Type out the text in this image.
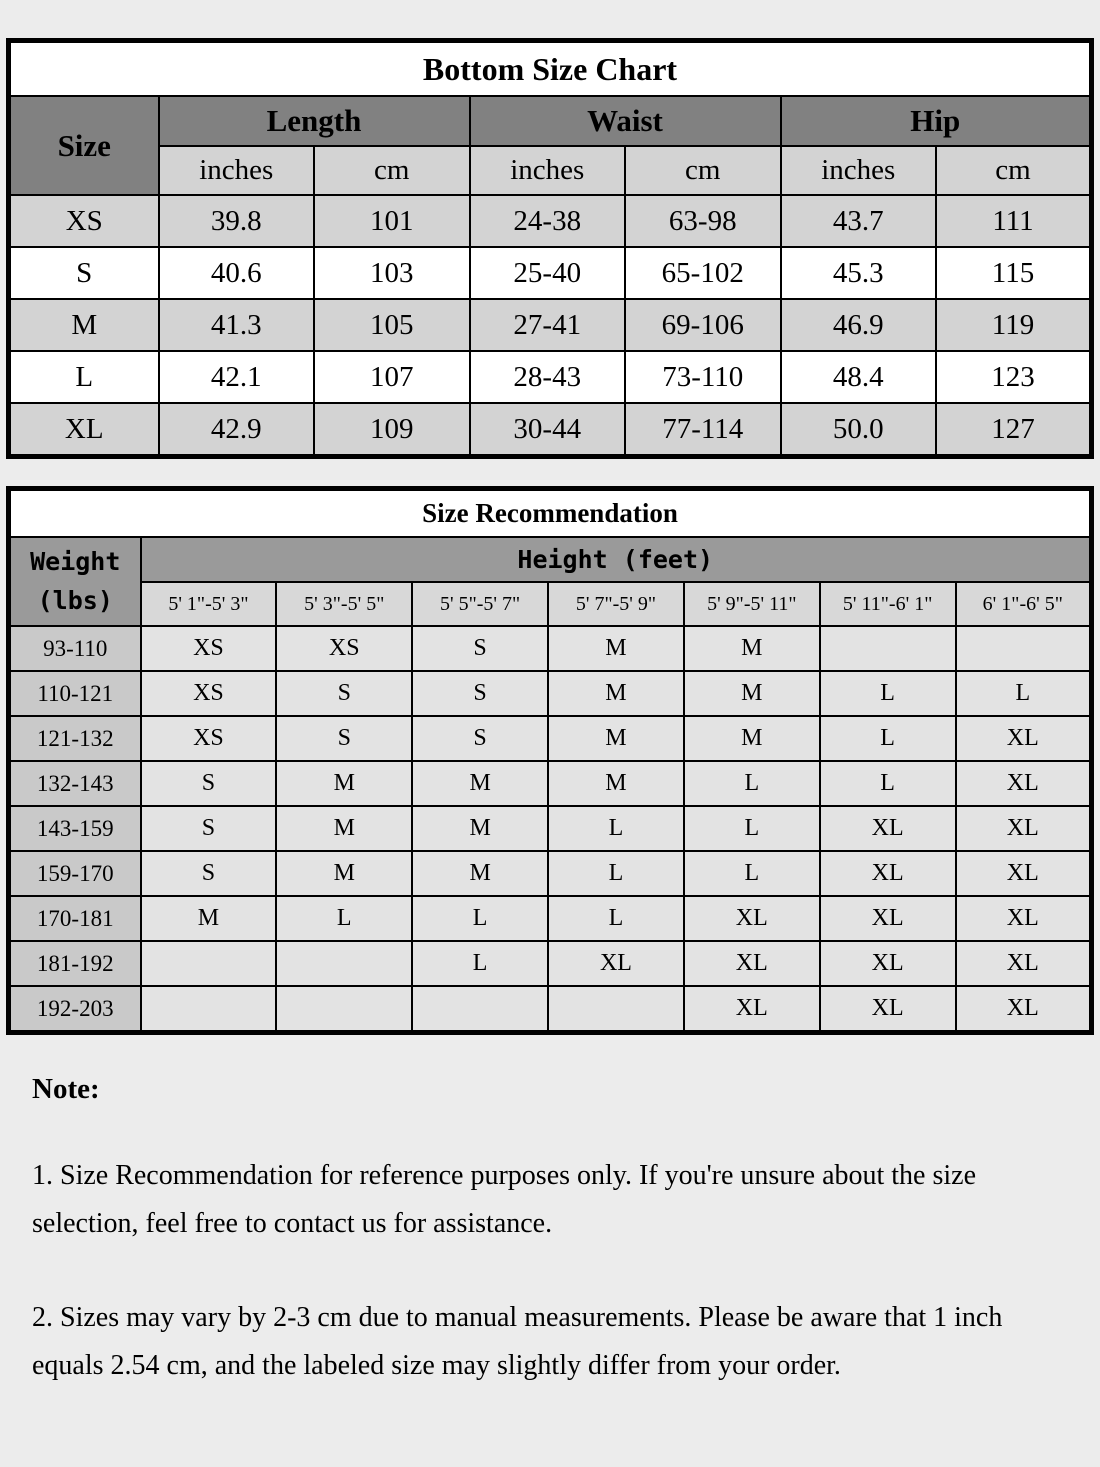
Bottom Size Chart						
Size	Length		Waist		Hip	
	inches	cm	inches	cm	inches	cm
XS	39.8	101	24-38	63-98	43.7	111
S	40.6	103	25-40	65-102	45.3	115
M	41.3	105	27-41	69-106	46.9	119
L	42.1	107	28-43	73-110	48.4	123
XL	42.9	109	30-44	77-114	50.0	127
Size Recommendation							

Weight
(lbs)	Height (feet)						
	5' 1"-5' 3"	5' 3"-5' 5"	5' 5"-5' 7"	5' 7"-5' 9"	5' 9"-5' 11"	5' 11"-6' 1"	6' 1"-6' 5"
93-110	XS	XS	S	M	M		
110-121	XS	S	S	M	M	L	L
121-132	XS	S	S	M	M	L	XL
132-143	S	M	M	M	L	L	XL
143-159	S	M	M	L	L	XL	XL
159-170	S	M	M	L	L	XL	XL
170-181	M	L	L	L	XL	XL	XL
181-192			L	XL	XL	XL	XL
192-203					XL	XL	XL
Note:

1. Size Recommendation for reference purposes only. If you're unsure about the size selection, feel free to contact us for assistance.

2. Sizes may vary by 2-3 cm due to manual measurements. Please be aware that 1 inch equals 2.54 cm, and the labeled size may slightly differ from your order.
